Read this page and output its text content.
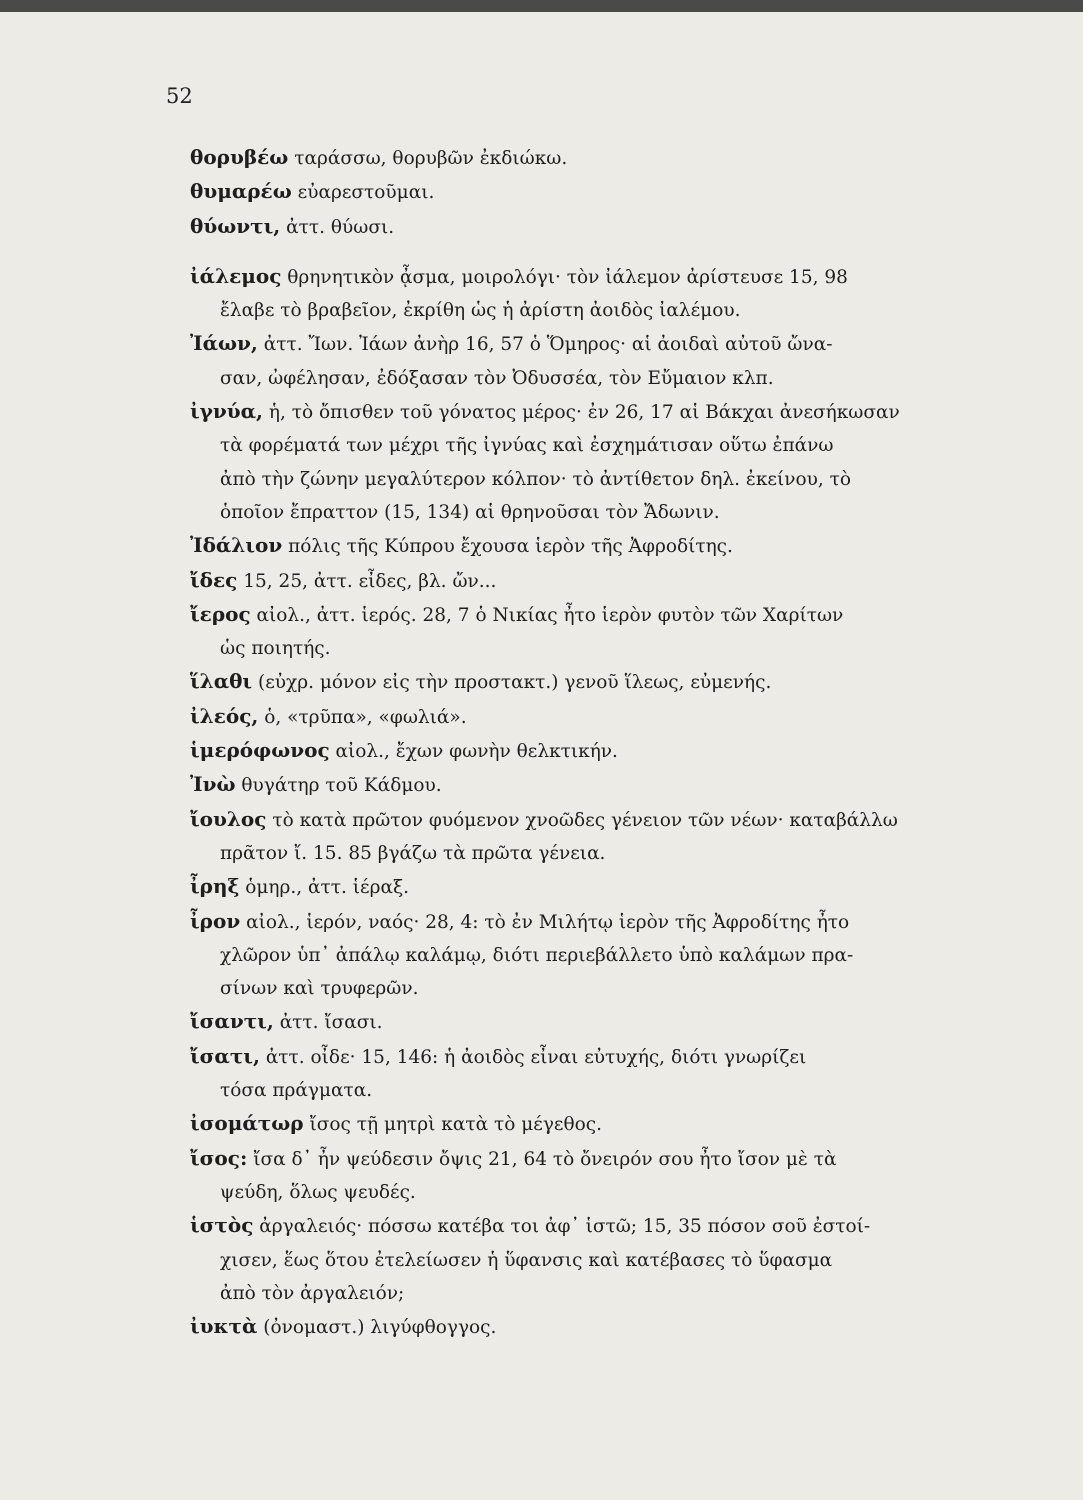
52
θορυβέω ταράσσω, θορυβῶν ἐκδιώκω.
θυμαρέω εὐαρεστοῦμαι.
θύωντι, ἀττ. θύωσι.
ἰάλεμος θρηνητικὸν ᾆσμα, μοιρολόγι· τὸν ἰάλεμον ἀρίστευσε 15, 98
ἔλαβε τὸ βραβεῖον, ἐκρίθη ὡς ἡ ἀρίστη ἀοιδὸς ἰαλέμου.
Ἰάων, ἀττ. Ἴων. Ἰάων ἀνὴρ 16, 57 ὁ Ὅμηρος· αἱ ἀοιδαὶ αὐτοῦ ὤνα-
σαν, ὠφέλησαν, ἐδόξασαν τὸν Ὀδυσσέα, τὸν Εὔμαιον κλπ.
ἰγνύα, ἡ, τὸ ὄπισθεν τοῦ γόνατος μέρος· ἐν 26, 17 αἱ Βάκχαι ἀνεσήκωσαν
τὰ φορέματά των μέχρι τῆς ἰγνύας καὶ ἐσχημάτισαν οὕτω ἐπάνω
ἀπὸ τὴν ζώνην μεγαλύτερον κόλπον· τὸ ἀντίθετον δηλ. ἐκείνου, τὸ
ὁποῖον ἔπραττον (15, 134) αἱ θρηνοῦσαι τὸν Ἄδωνιν.
Ἰδάλιον πόλις τῆς Κύπρου ἔχουσα ἱερὸν τῆς Ἀφροδίτης.
ἴδες 15, 25, ἀττ. εἶδες, βλ. ὤν...
ἴερος αἰολ., ἀττ. ἱερός. 28, 7 ὁ Νικίας ἦτο ἱερὸν φυτὸν τῶν Χαρίτων
ὡς ποιητής.
ἵλαθι (εὐχρ. μόνον εἰς τὴν προστακτ.) γενοῦ ἵλεως, εὐμενής.
ἰλεός, ὁ, «τρῦπα», «φωλιά».
ἱμερόφωνος αἰολ., ἔχων φωνὴν θελκτικήν.
Ἰνὼ θυγάτηρ τοῦ Κάδμου.
ἴουλος τὸ κατὰ πρῶτον φυόμενον χνοῶδες γένειον τῶν νέων· καταβάλλω
πρᾶτον ἴ. 15. 85 βγάζω τὰ πρῶτα γένεια.
ἶρηξ ὁμηρ., ἀττ. ἱέραξ.
ἶρον αἰολ., ἱερόν, ναός· 28, 4: τὸ ἐν Μιλήτῳ ἱερὸν τῆς Ἀφροδίτης ἦτο
χλῶρον ὑπ᾽ ἀπάλῳ καλάμῳ, διότι περιεβάλλετο ὑπὸ καλάμων πρα-
σίνων καὶ τρυφερῶν.
ἴσαντι, ἀττ. ἴσασι.
ἴσατι, ἀττ. οἶδε· 15, 146: ἡ ἀοιδὸς εἶναι εὐτυχής, διότι γνωρίζει
τόσα πράγματα.
ἰσομάτωρ ἴσος τῇ μητρὶ κατὰ τὸ μέγεθος.
ἴσος: ἴσα δ᾽ ἦν ψεύδεσιν ὄψις 21, 64 τὸ ὄνειρόν σου ἦτο ἴσον μὲ τὰ
ψεύδη, ὅλως ψευδές.
ἱστὸς ἀργαλειός· πόσσω κατέβα τοι ἀφ᾽ ἱστῶ; 15, 35 πόσον σοῦ ἐστοί-
χισεν, ἕως ὅτου ἐτελείωσεν ἡ ὕφανσις καὶ κατέβασες τὸ ὕφασμα
ἀπὸ τὸν ἀργαλειόν;
ἰυκτὰ (ὀνομαστ.) λιγύφθογγος.
